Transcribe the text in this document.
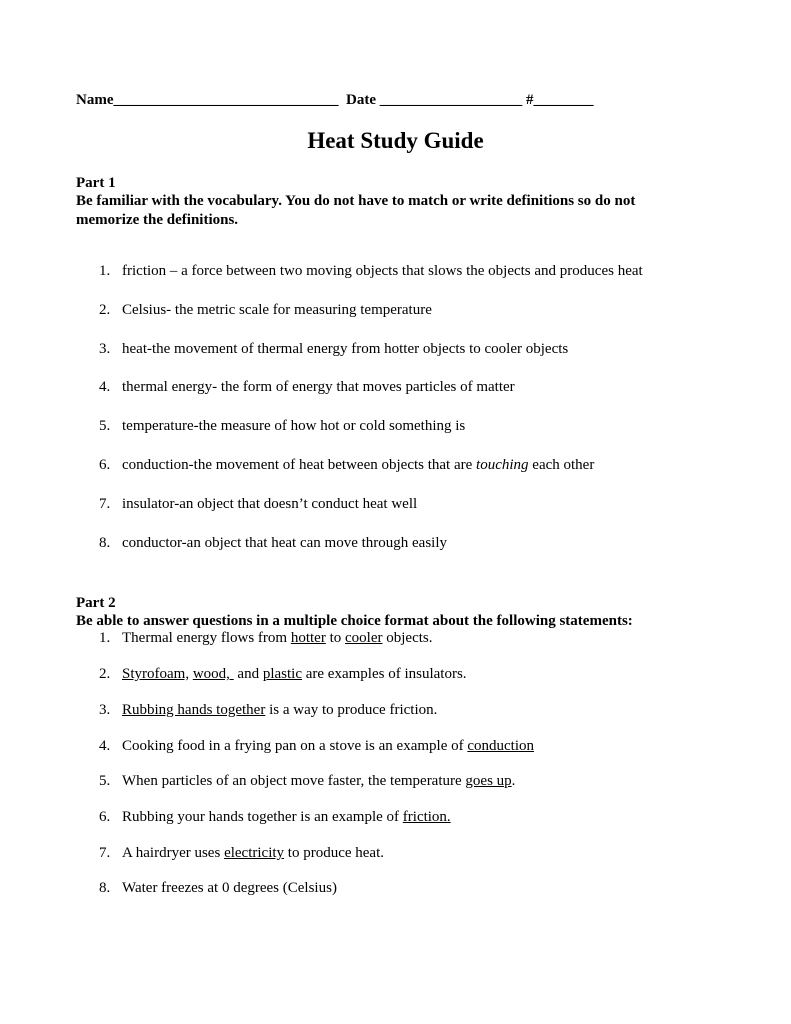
Name______________________________ Date ___________________ #________
Heat Study Guide
Part 1
Be familiar with the vocabulary. You do not have to match or write definitions so do not memorize the definitions.
1. friction – a force between two moving objects that slows the objects and produces heat
2. Celsius- the metric scale for measuring temperature
3. heat-the movement of thermal energy from hotter objects to cooler objects
4. thermal energy- the form of energy that moves particles of matter
5. temperature-the measure of how hot or cold something is
6. conduction-the movement of heat between objects that are touching each other
7. insulator-an object that doesn’t conduct heat well
8. conductor-an object that heat can move through easily
Part 2
Be able to answer questions in a multiple choice format about the following statements:
1. Thermal energy flows from hotter to cooler objects.
2. Styrofoam, wood,  and plastic are examples of insulators.
3. Rubbing hands together is a way to produce friction.
4. Cooking food in a frying pan on a stove is an example of conduction
5. When particles of an object move faster, the temperature goes up.
6. Rubbing your hands together is an example of friction.
7. A hairdryer uses electricity to produce heat.
8. Water freezes at 0 degrees (Celsius)
